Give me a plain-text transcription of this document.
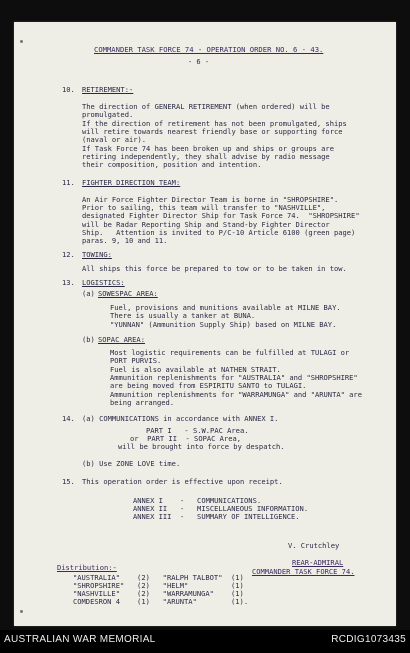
COMMANDER TASK FORCE 74 - OPERATION ORDER NO. 6 - 43.
- 6 -
10. RETIREMENT:-
The direction of GENERAL RETIREMENT (when ordered) will be
promulgated.
If the direction of retirement has not been promulgated, ships
will retire towards nearest friendly base or supporting force
(naval or air).
If Task Force 74 has been broken up and ships or groups are
retiring independently, they shall advise by radio message
their composition, position and intention.
11. FIGHTER DIRECTION TEAM:
An Air Force Fighter Director Team is borne in "SHROPSHIRE".
Prior to sailing, this team will transfer to "NASHVILLE",
designated Fighter Director Ship for Task Force 74.  "SHROPSHIRE"
will be Radar Reporting Ship and Stand-by Fighter Director
Ship.   Attention is invited to P/C-10 Article 6100 (green page)
paras. 9, 10 and 11.
12. TOWING:
All ships this force be prepared to tow or to be taken in tow.
13. LOGISTICS:
(a) SOWESPAC AREA:
Fuel, provisions and munitions available at MILNE BAY.
There is usually a tanker at BUNA.
"YUNNAN" (Ammunition Supply Ship) based on MILNE BAY.
(b) SOPAC AREA:
Most logistic requirements can be fulfilled at TULAGI or
PORT PURVIS.
Fuel is also available at NATHEN STRAIT.
Ammunition replenishments for "AUSTRALIA" and "SHROPSHIRE"
are being moved from ESPIRITU SANTO to TULAGI.
Ammunition replenishments for "WARRAMUNGA" and "ARUNTA" are
being arranged.
14. (a) COMMUNICATIONS in accordance with ANNEX I.
PART I   - S.W.PAC Area.
or  PART II  - SOPAC Area,
will be brought into force by despatch.
(b) Use ZONE LOVE time.
15. This operation order is effective upon receipt.
ANNEX I    -   COMMUNICATIONS.
ANNEX II   -   MISCELLANEOUS INFORMATION.
ANNEX III  -   SUMMARY OF INTELLIGENCE.
V. Crutchley
REAR-ADMIRAL
COMMANDER TASK FORCE 74.
Distribution:-
"AUSTRALIA"    (2)   "RALPH TALBOT"  (1)
"SHROPSHIRE"   (2)   "HELM"          (1)
"NASHVILLE"    (2)   "WARRAMUNGA"    (1)
COMDESRON 4    (1)   "ARUNTA"        (1).
AUSTRALIAN WAR MEMORIAL	RCDIG1073435
